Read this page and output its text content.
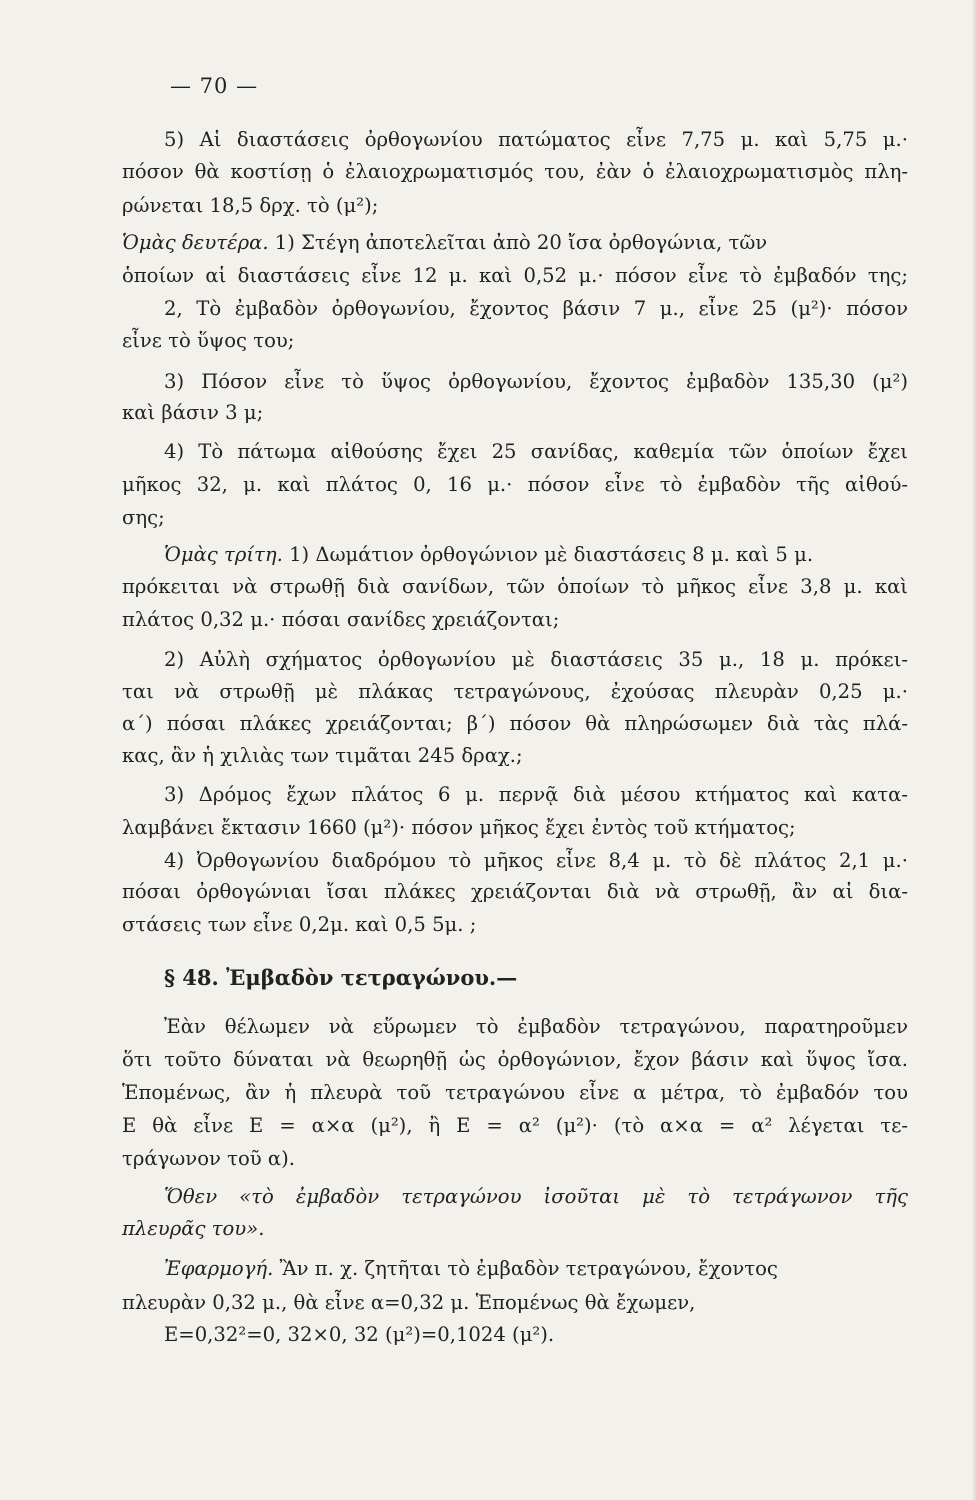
— 70 —
5) Αἱ διαστάσεις ὀρθογωνίου πατώματος εἶνε 7,75 μ. καὶ 5,75 μ.·
πόσον θὰ κοστίσῃ ὁ ἐλαιοχρωματισμός του, ἐὰν ὁ ἐλαιοχρωματισμὸς πλη-
ρώνεται 18,5 δρχ. τὸ (μ²);
Ὁμὰς δευτέρα. 1) Στέγη ἀποτελεῖται ἀπὸ 20 ἴσα ὀρθογώνια, τῶν
ὁποίων αἱ διαστάσεις εἶνε 12 μ. καὶ 0,52 μ.· πόσον εἶνε τὸ ἐμβαδόν της;
2, Τὸ ἐμβαδὸν ὀρθογωνίου, ἔχοντος βάσιν 7 μ., εἶνε 25 (μ²)· πόσον
εἶνε τὸ ὕψος του;
3) Πόσον εἶνε τὸ ὕψος ὀρθογωνίου, ἔχοντος ἐμβαδὸν 135,30 (μ²)
καὶ βάσιν 3 μ;
4) Τὸ πάτωμα αἰθούσης ἔχει 25 σανίδας, καθεμία τῶν ὁποίων ἔχει
μῆκος 32, μ. καὶ πλάτος 0, 16 μ.· πόσον εἶνε τὸ ἐμβαδὸν τῆς αἰθού-
σης;
Ὁμὰς τρίτη. 1) Δωμάτιον ὀρθογώνιον μὲ διαστάσεις 8 μ. καὶ 5 μ.
πρόκειται νὰ στρωθῇ διὰ σανίδων, τῶν ὁποίων τὸ μῆκος εἶνε 3,8 μ. καὶ
πλάτος 0,32 μ.· πόσαι σανίδες χρειάζονται;
2) Αὐλὴ σχήματος ὀρθογωνίου μὲ διαστάσεις 35 μ., 18 μ. πρόκει-
ται νὰ στρωθῇ μὲ πλάκας τετραγώνους, ἐχούσας πλευρὰν 0,25 μ.·
α΄) πόσαι πλάκες χρειάζονται; β΄) πόσον θὰ πληρώσωμεν διὰ τὰς πλά-
κας, ἂν ἡ χιλιὰς των τιμᾶται 245 δραχ.;
3) Δρόμος ἔχων πλάτος 6 μ. περνᾷ διὰ μέσου κτήματος καὶ κατα-
λαμβάνει ἔκτασιν 1660 (μ²)· πόσον μῆκος ἔχει ἐντὸς τοῦ κτήματος;
4) Ὀρθογωνίου διαδρόμου τὸ μῆκος εἶνε 8,4 μ. τὸ δὲ πλάτος 2,1 μ.·
πόσαι ὀρθογώνιαι ἴσαι πλάκες χρειάζονται διὰ νὰ στρωθῇ, ἂν αἱ δια-
στάσεις των εἶνε 0,2μ. καὶ 0,5 5μ. ;
§ 48. Ἐμβαδὸν τετραγώνου.—
Ἐὰν θέλωμεν νὰ εὕρωμεν τὸ ἐμβαδὸν τετραγώνου, παρατηροῦμεν
ὅτι τοῦτο δύναται νὰ θεωρηθῇ ὡς ὀρθογώνιον, ἔχον βάσιν καὶ ὕψος ἴσα.
Ἑπομένως, ἂν ἡ πλευρὰ τοῦ τετραγώνου εἶνε α μέτρα, τὸ ἐμβαδόν του
Ε θὰ εἶνε Ε = α×α (μ²), ἢ Ε = α² (μ²)· (τὸ α×α = α² λέγεται τε-
τράγωνον τοῦ α).
Ὅθεν «τὸ ἐμβαδὸν τετραγώνου ἰσοῦται μὲ τὸ τετράγωνον τῆς
πλευρᾶς του».
Ἐφαρμογή. Ἂν π. χ. ζητῆται τὸ ἐμβαδὸν τετραγώνου, ἔχοντος
πλευρὰν 0,32 μ., θὰ εἶνε α=0,32 μ. Ἑπομένως θὰ ἔχωμεν,
Ε=0,32²=0, 32×0, 32 (μ²)=0,1024 (μ²).
